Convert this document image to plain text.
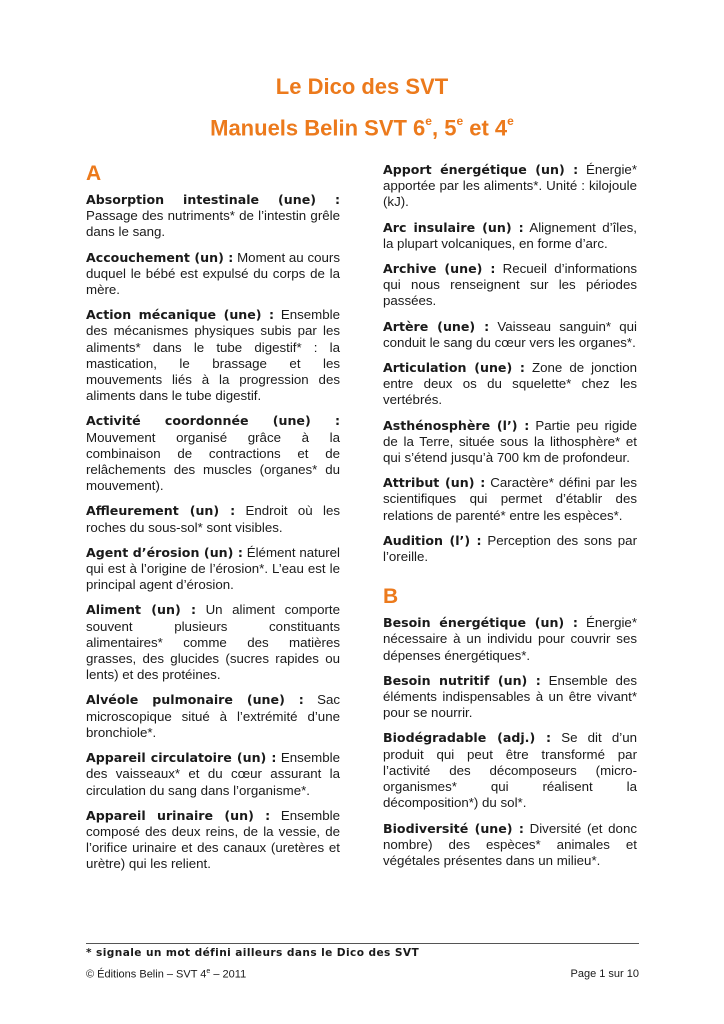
Le Dico des SVT
Manuels Belin SVT 6e, 5e et 4e
A
Absorption intestinale (une) : Passage des nutriments* de l’intestin grêle dans le sang.
Accouchement (un) : Moment au cours duquel le bébé est expulsé du corps de la mère.
Action mécanique (une) : Ensemble des mécanismes physiques subis par les aliments* dans le tube digestif* : la mastication, le brassage et les mouvements liés à la progression des aliments dans le tube digestif.
Activité coordonnée (une) : Mouvement organisé grâce à la combinaison de contractions et de relâchements des muscles (organes* du mouvement).
Affleurement (un) : Endroit où les roches du sous-sol* sont visibles.
Agent d’érosion (un) : Élément naturel qui est à l’origine de l’érosion*. L’eau est le principal agent d’érosion.
Aliment (un) : Un aliment comporte souvent plusieurs constituants alimentaires* comme des matières grasses, des glucides (sucres rapides ou lents) et des protéines.
Alvéole pulmonaire (une) : Sac microscopique situé à l’extrémité d’une bronchiole*.
Appareil circulatoire (un) : Ensemble des vaisseaux* et du cœur assurant la circulation du sang dans l’organisme*.
Appareil urinaire (un) : Ensemble composé des deux reins, de la vessie, de l’orifice urinaire et des canaux (uretères et urètre) qui les relient.
Apport énergétique (un) : Énergie* apportée par les aliments*. Unité : kilojoule (kJ).
Arc insulaire (un) : Alignement d’îles, la plupart volcaniques, en forme d’arc.
Archive (une) : Recueil d’informations qui nous renseignent sur les périodes passées.
Artère (une) : Vaisseau sanguin* qui conduit le sang du cœur vers les organes*.
Articulation (une) : Zone de jonction entre deux os du squelette* chez les vertébrés.
Asthénosphère (l’) : Partie peu rigide de la Terre, située sous la lithosphère* et qui s’étend jusqu’à 700 km de profondeur.
Attribut (un) : Caractère* défini par les scientifiques qui permet d’établir des relations de parenté* entre les espèces*.
Audition (l’) : Perception des sons par l’oreille.
B
Besoin énergétique (un) : Énergie* nécessaire à un individu pour couvrir ses dépenses énergétiques*.
Besoin nutritif (un) : Ensemble des éléments indispensables à un être vivant* pour se nourrir.
Biodégradable (adj.) : Se dit d’un produit qui peut être transformé par l’activité des décomposeurs (micro-organismes* qui réalisent la décomposition*) du sol*.
Biodiversité (une) : Diversité (et donc nombre) des espèces* animales et végétales présentes dans un milieu*.
* signale un mot défini ailleurs dans le Dico des SVT
© Éditions Belin – SVT 4e – 2011	Page 1 sur 10
